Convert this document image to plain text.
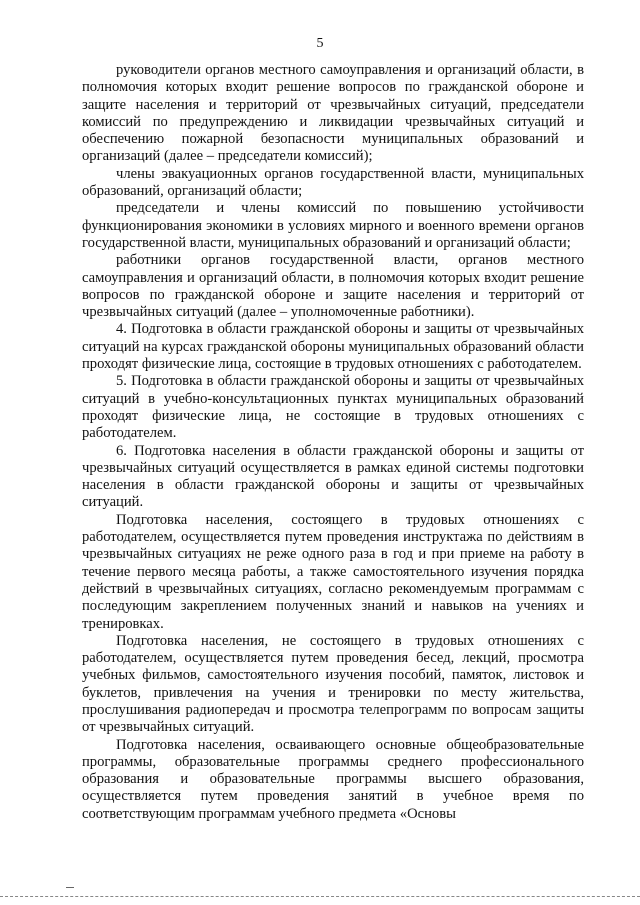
5

руководители органов местного самоуправления и организаций области, в полномочия которых входит решение вопросов по гражданской обороне и защите населения и территорий от чрезвычайных ситуаций, председатели комиссий по предупреждению и ликвидации чрезвычайных ситуаций и обеспечению пожарной безопасности муниципальных образований и организаций (далее – председатели комиссий);

члены эвакуационных органов государственной власти, муниципальных образований, организаций области;

председатели и члены комиссий по повышению устойчивости функционирования экономики в условиях мирного и военного времени органов государственной власти, муниципальных образований и организаций области;

работники органов государственной власти, органов местного самоуправления и организаций области, в полномочия которых входит решение вопросов по гражданской обороне и защите населения и территорий от чрезвычайных ситуаций (далее – уполномоченные работники).

4. Подготовка в области гражданской обороны и защиты от чрезвычайных ситуаций на курсах гражданской обороны муниципальных образований области проходят физические лица, состоящие в трудовых отношениях с работодателем.

5. Подготовка в области гражданской обороны и защиты от чрезвычайных ситуаций в учебно-консультационных пунктах муниципальных образований проходят физические лица, не состоящие в трудовых отношениях с работодателем.

6. Подготовка населения в области гражданской обороны и защиты от чрезвычайных ситуаций осуществляется в рамках единой системы подготовки населения в области гражданской обороны и защиты от чрезвычайных ситуаций.

Подготовка населения, состоящего в трудовых отношениях с работодателем, осуществляется путем проведения инструктажа по действиям в чрезвычайных ситуациях не реже одного раза в год и при приеме на работу в течение первого месяца работы, а также самостоятельного изучения порядка действий в чрезвычайных ситуациях, согласно рекомендуемым программам с последующим закреплением полученных знаний и навыков на учениях и тренировках.

Подготовка населения, не состоящего в трудовых отношениях с работодателем, осуществляется путем проведения бесед, лекций, просмотра учебных фильмов, самостоятельного изучения пособий, памяток, листовок и буклетов, привлечения на учения и тренировки по месту жительства, прослушивания радиопередач и просмотра телепрограмм по вопросам защиты от чрезвычайных ситуаций.

Подготовка населения, осваивающего основные общеобразовательные программы, образовательные программы среднего профессионального образования и образовательные программы высшего образования, осуществляется путем проведения занятий в учебное время по соответствующим программам учебного предмета «Основы
